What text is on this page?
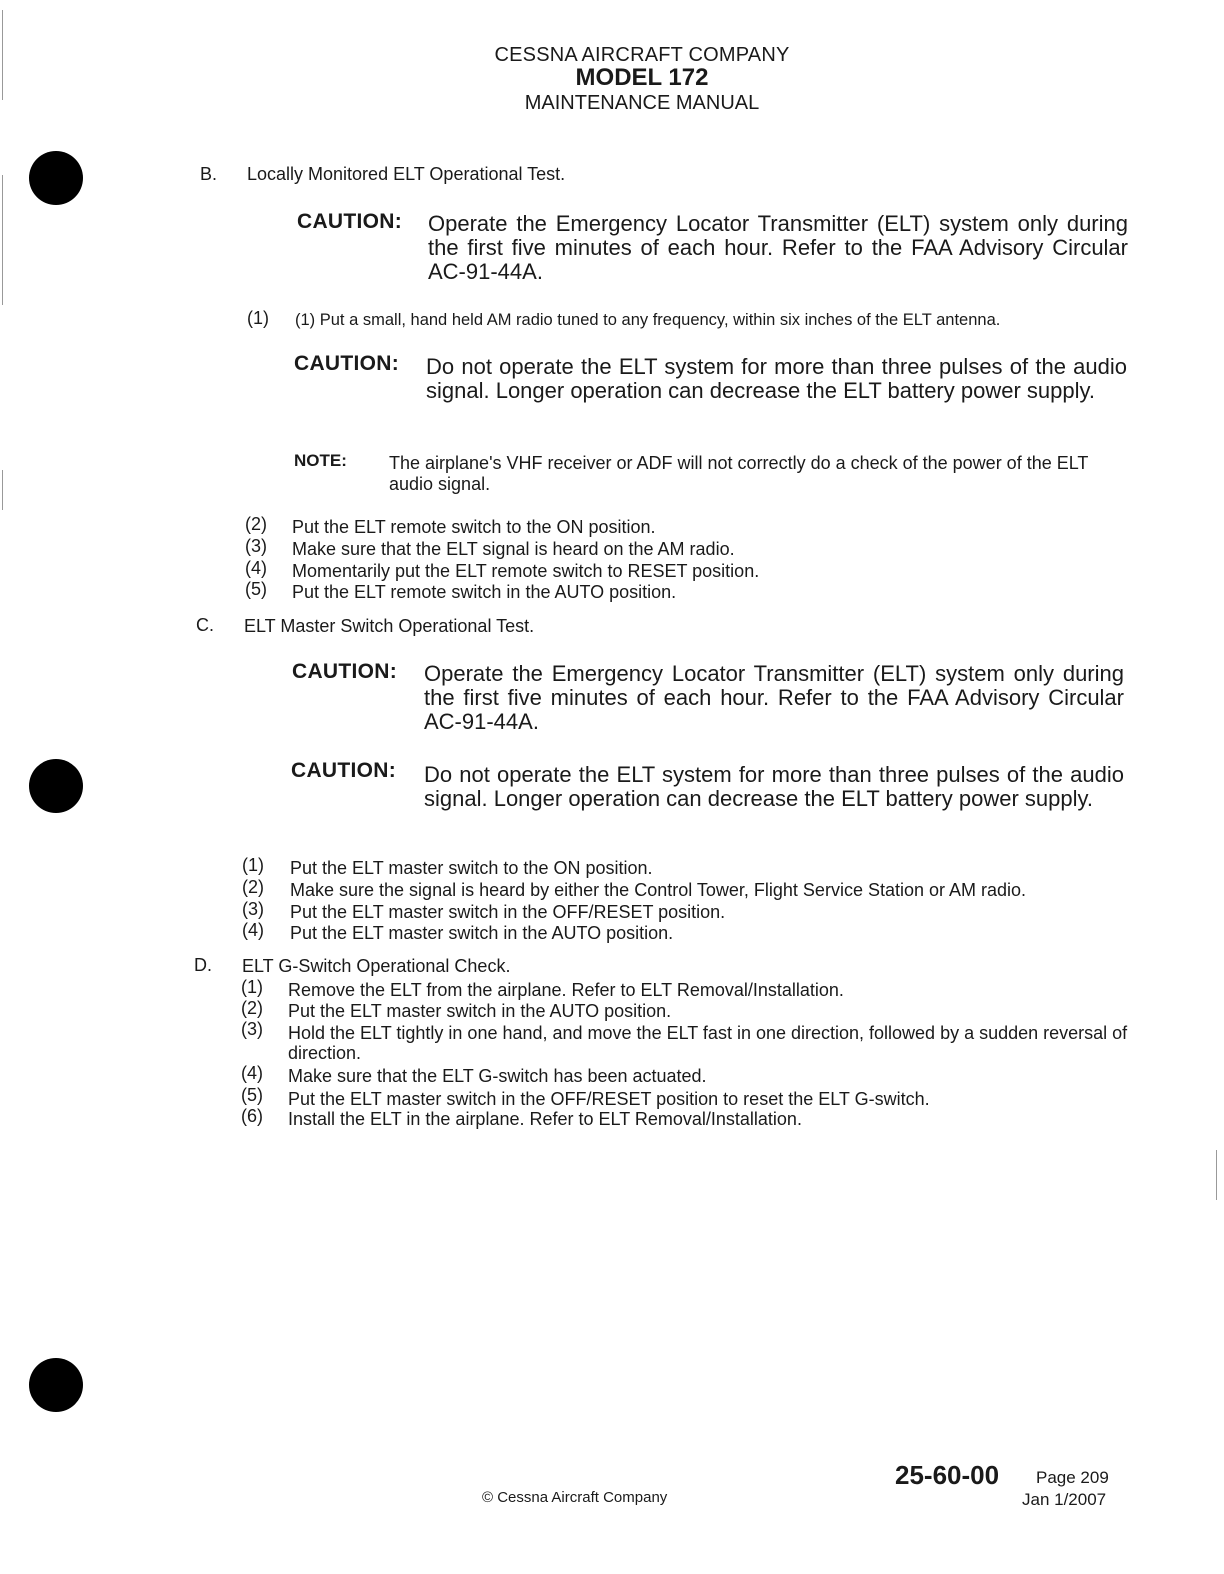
CESSNA AIRCRAFT COMPANY
MODEL 172
MAINTENANCE MANUAL
B. Locally Monitored ELT Operational Test.
CAUTION: Operate the Emergency Locator Transmitter (ELT) system only during the first five minutes of each hour. Refer to the FAA Advisory Circular AC-91-44A.
(1) (1) Put a small, hand held AM radio tuned to any frequency, within six inches of the ELT antenna.
CAUTION: Do not operate the ELT system for more than three pulses of the audio signal. Longer operation can decrease the ELT battery power supply.
NOTE: The airplane's VHF receiver or ADF will not correctly do a check of the power of the ELT audio signal.
(2) Put the ELT remote switch to the ON position.
(3) Make sure that the ELT signal is heard on the AM radio.
(4) Momentarily put the ELT remote switch to RESET position.
(5) Put the ELT remote switch in the AUTO position.
C. ELT Master Switch Operational Test.
CAUTION: Operate the Emergency Locator Transmitter (ELT) system only during the first five minutes of each hour. Refer to the FAA Advisory Circular AC-91-44A.
CAUTION: Do not operate the ELT system for more than three pulses of the audio signal. Longer operation can decrease the ELT battery power supply.
(1) Put the ELT master switch to the ON position.
(2) Make sure the signal is heard by either the Control Tower, Flight Service Station or AM radio.
(3) Put the ELT master switch in the OFF/RESET position.
(4) Put the ELT master switch in the AUTO position.
D. ELT G-Switch Operational Check.
(1) Remove the ELT from the airplane. Refer to ELT Removal/Installation.
(2) Put the ELT master switch in the AUTO position.
(3) Hold the ELT tightly in one hand, and move the ELT fast in one direction, followed by a sudden reversal of direction.
(4) Make sure that the ELT G-switch has been actuated.
(5) Put the ELT master switch in the OFF/RESET position to reset the ELT G-switch.
(6) Install the ELT in the airplane. Refer to ELT Removal/Installation.
25-60-00 Page 209
Jan 1/2007
© Cessna Aircraft Company
